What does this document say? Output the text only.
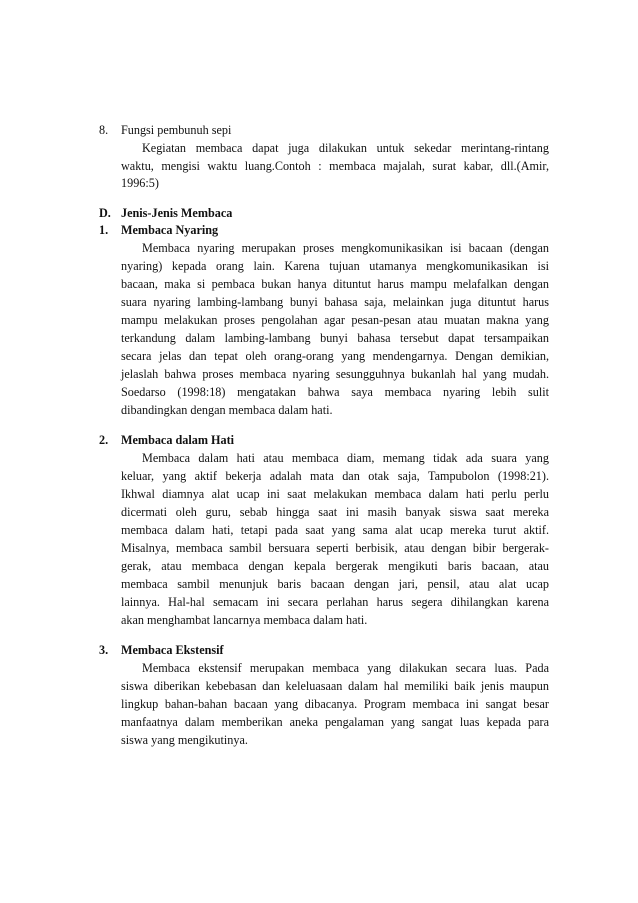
8. Fungsi pembunuh sepi
Kegiatan membaca dapat juga dilakukan untuk sekedar merintang-rintang
waktu, mengisi waktu luang.Contoh : membaca majalah, surat kabar, dll.(Amir,
1996:5)
D. Jenis-Jenis Membaca
1. Membaca Nyaring
Membaca nyaring merupakan proses mengkomunikasikan isi bacaan (dengan
nyaring) kepada orang lain. Karena tujuan utamanya mengkomunikasikan isi
bacaan, maka si pembaca bukan hanya dituntut harus mampu melafalkan dengan
suara nyaring lambing-lambang bunyi bahasa saja, melainkan juga dituntut harus
mampu melakukan proses pengolahan agar pesan-pesan atau muatan makna yang
terkandung dalam lambing-lambang bunyi bahasa tersebut dapat tersampaikan
secara jelas dan tepat oleh orang-orang yang mendengarnya. Dengan demikian,
jelaslah bahwa proses membaca nyaring sesungguhnya bukanlah hal yang mudah.
Soedarso (1998:18) mengatakan bahwa saya membaca nyaring lebih sulit
dibandingkan dengan membaca dalam hati.
2. Membaca dalam Hati
Membaca dalam hati atau membaca diam, memang tidak ada suara yang
keluar, yang aktif bekerja adalah mata dan otak saja, Tampubolon (1998:21).
Ikhwal diamnya alat ucap ini saat melakukan membaca dalam hati perlu perlu
dicermati oleh guru, sebab hingga saat ini masih banyak siswa saat mereka
membaca dalam hati, tetapi pada saat yang sama alat ucap mereka turut aktif.
Misalnya, membaca sambil bersuara seperti berbisik, atau dengan bibir bergerak-
gerak, atau membaca dengan kepala bergerak mengikuti baris bacaan, atau
membaca sambil menunjuk baris bacaan dengan jari, pensil, atau alat ucap
lainnya. Hal-hal semacam ini secara perlahan harus segera dihilangkan karena
akan menghambat lancarnya membaca dalam hati.
3. Membaca Ekstensif
Membaca ekstensif merupakan membaca yang dilakukan secara luas. Pada
siswa diberikan kebebasan dan keleluasaan dalam hal memiliki baik jenis maupun
lingkup bahan-bahan bacaan yang dibacanya. Program membaca ini sangat besar
manfaatnya dalam memberikan aneka pengalaman yang sangat luas kepada para
siswa yang mengikutinya.
